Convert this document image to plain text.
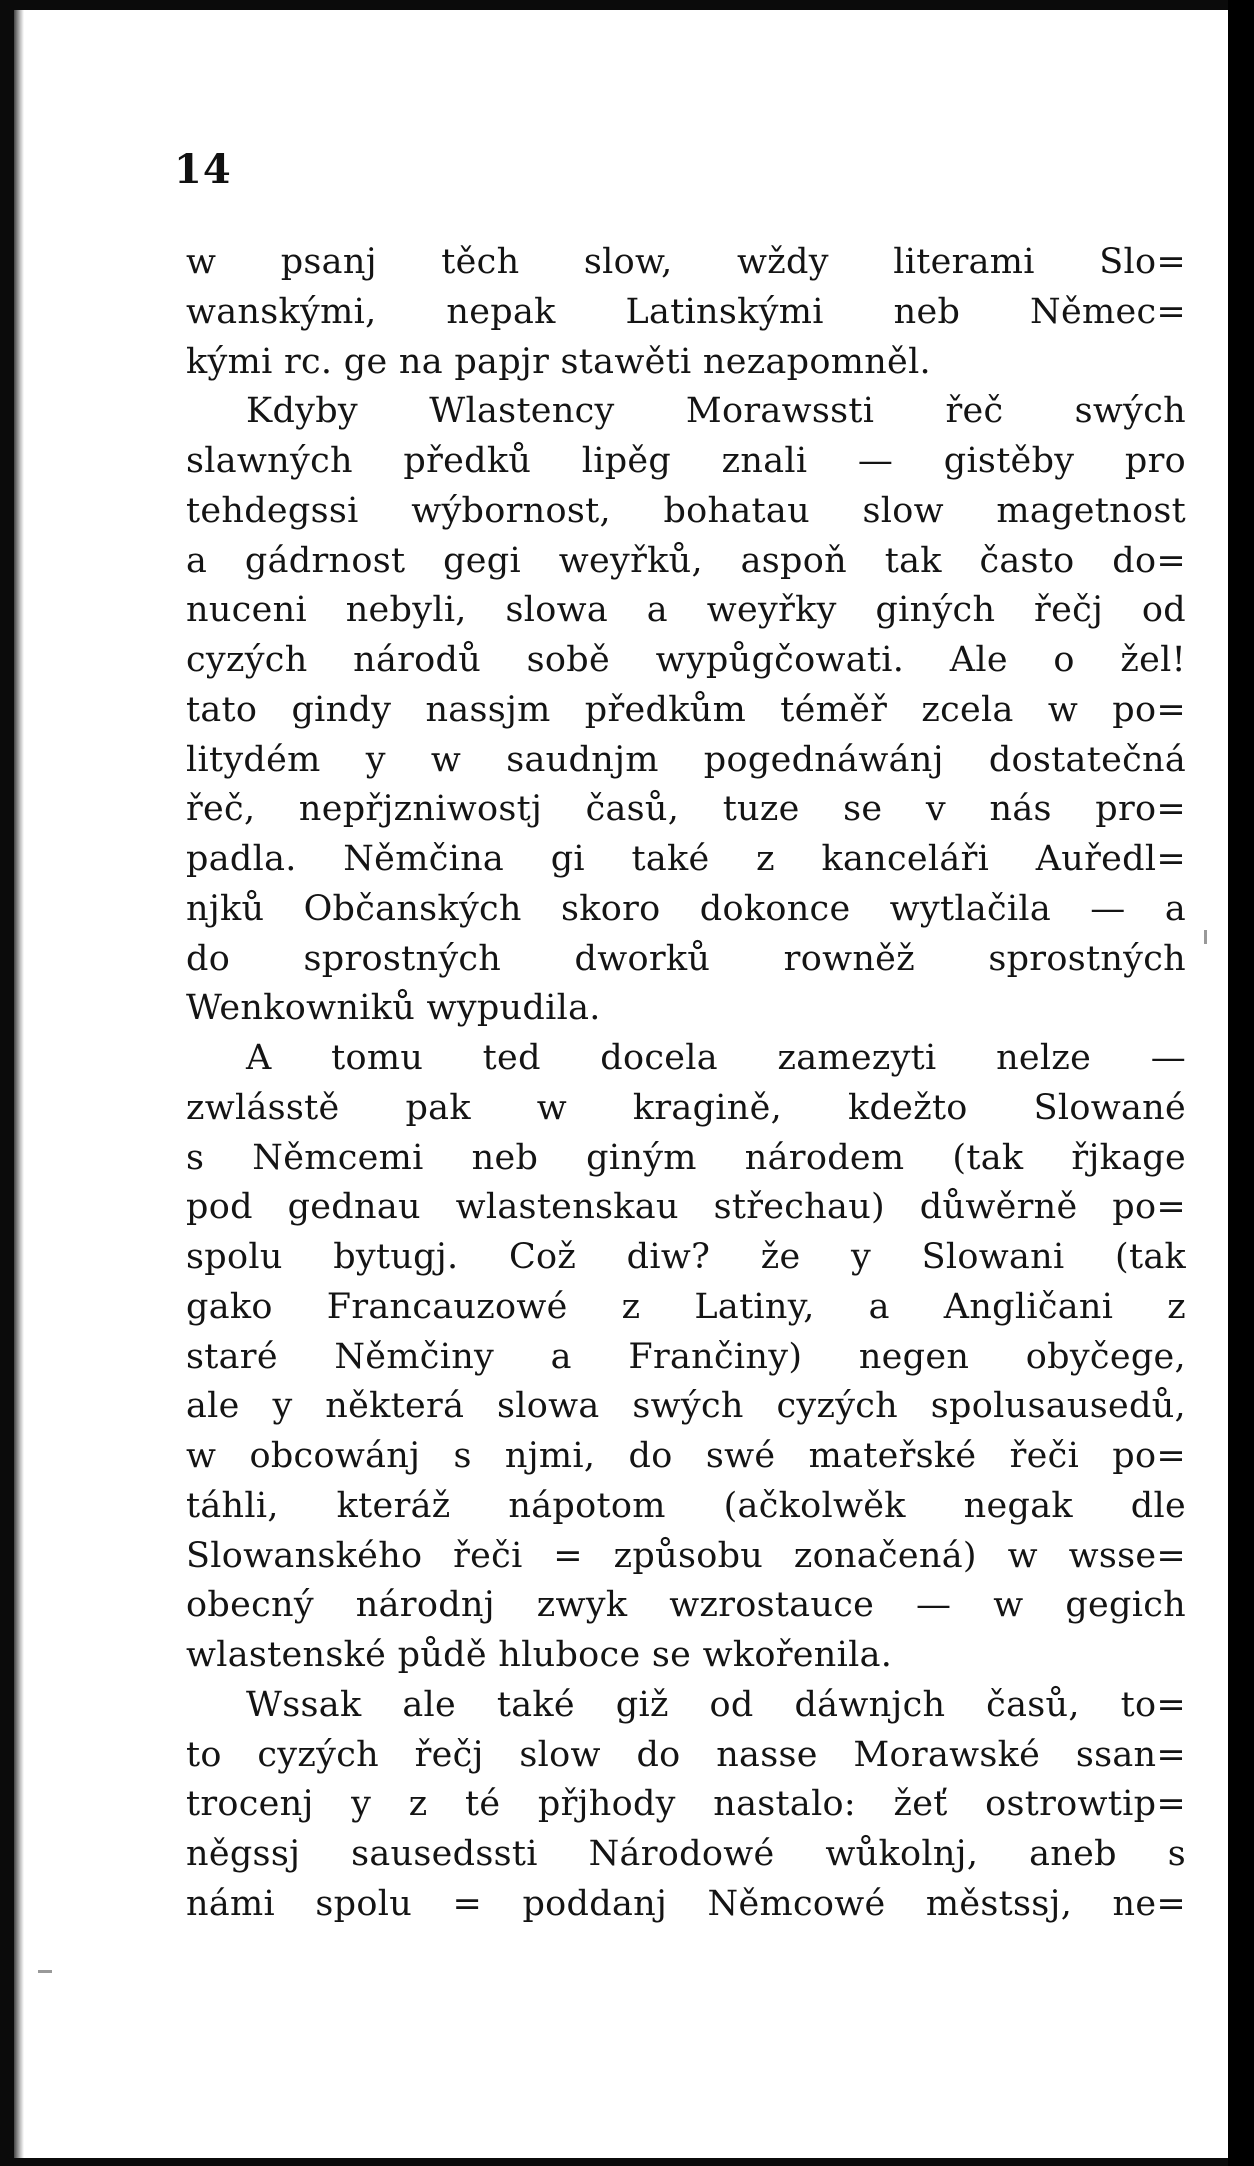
14
w psanj těch slow, wždy literami Slo=
wanskými, nepak Latinskými neb Němec=
kými rc. ge na papjr stawěti nezapomněl.
Kdyby Wlastency Morawssti řeč swých
slawných předků lipěg znali — gistěby pro
tehdegssi wýbornost, bohatau slow magetnost
a gádrnost gegi weyřků, aspoň tak často do=
nuceni nebyli, slowa a weyřky giných řečj od
cyzých národů sobě wypůgčowati. Ale o žel!
tato gindy nassjm předkům téměř zcela w po=
litydém y w saudnjm pogednáwánj dostatečná
řeč, nepřjzniwostj časů, tuze se v nás pro=
padla. Němčina gi také z kanceláři Auředl=
njků Občanských skoro dokonce wytlačila — a
do sprostných dworků rowněž sprostných
Wenkowniků wypudila.
A tomu ted docela zamezyti nelze —
zwlásstě pak w kragině, kdežto Slowané
s Němcemi neb giným národem (tak řjkage
pod gednau wlastenskau střechau) důwěrně po=
spolu bytugj. Což diw? že y Slowani (tak
gako Francauzowé z Latiny, a Angličani z
staré Němčiny a Frančiny) negen obyčege,
ale y některá slowa swých cyzých spolusausedů,
w obcowánj s njmi, do swé mateřské řeči po=
táhli, kteráž nápotom (ačkolwěk negak dle
Slowanského řeči = způsobu zonačená) w wsse=
obecný národnj zwyk wzrostauce — w gegich
wlastenské půdě hluboce se wkořenila.
Wssak ale také giž od dáwnjch časů, to=
to cyzých řečj slow do nasse Morawské ssan=
trocenj y z té přjhody nastalo: žeť ostrowtip=
něgssj sausedssti Národowé wůkolnj, aneb s
námi spolu = poddanj Němcowé městssj, ne=
